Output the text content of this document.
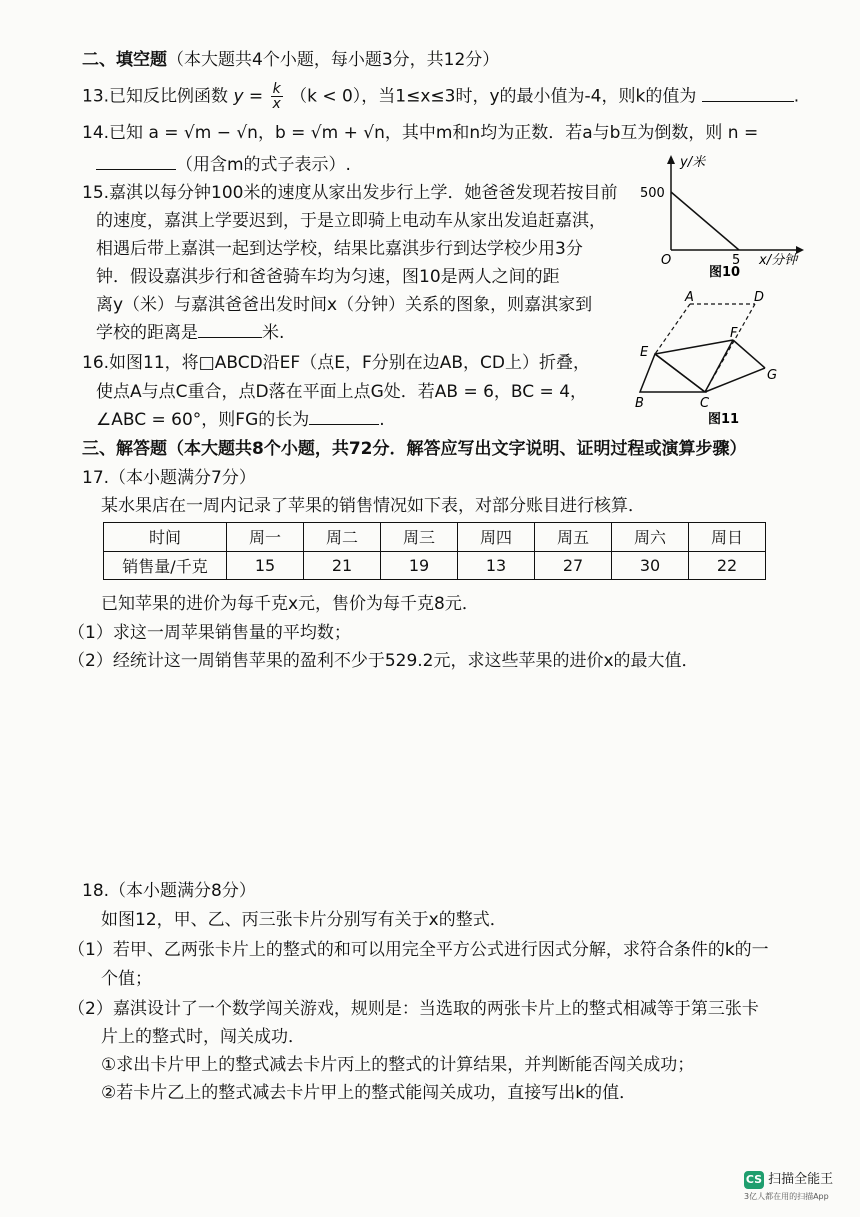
二、填空题（本大题共4个小题，每小题3分，共12分）
13.已知反比例函数 $y = \frac{k}{x} (k < 0)$，当1≤x≤3时，y的最小值为-4，则k的值为	.
14.已知 a = √m − √n，b = √m + √n，其中m和n均为正数．若a与b互为倒数，则 n =
（用含m的式子表示）.
15.嘉淇以每分钟100米的速度从家出发步行上学．她爸爸发现若按目前
的速度，嘉淇上学要迟到，于是立即骑上电动车从家出发追赶嘉淇，
相遇后带上嘉淇一起到达学校，结果比嘉淇步行到达学校少用3分
钟．假设嘉淇步行和爸爸骑车均为匀速，图10是两人之间的距
离y（米）与嘉淇爸爸出发时间x（分钟）关系的图象，则嘉淇家到
学校的距离是	米.
y/米
500
O	5 x/分钟
图10
16.如图11，将□ABCD沿EF（点E，F分别在边AB，CD上）折叠，
使点A与点C重合，点D落在平面上点G处．若AB = 6，BC = 4，
∠ABC = 60°，则FG的长为	.
A	D
E
F
G
B	C
图11
三、解答题（本大题共8个小题，共72分．解答应写出文字说明、证明过程或演算步骤）
17.（本小题满分7分）
某水果店在一周内记录了苹果的销售情况如下表，对部分账目进行核算．
时间	周一	周二	周三	周四	周五	周六	周日
销售量/千克	15	21	19	13	27	30	22
已知苹果的进价为每千克x元，售价为每千克8元．
（1）求这一周苹果销售量的平均数；
（2）经统计这一周销售苹果的盈利不少于529.2元，求这些苹果的进价x的最大值．
18.（本小题满分8分）
如图12，甲、乙、丙三张卡片分别写有关于x的整式．
（1）若甲、乙两张卡片上的整式的和可以用完全平方公式进行因式分解，求符合条件的k的一
个值；
（2）嘉淇设计了一个数学闯关游戏，规则是：当选取的两张卡片上的整式相减等于第三张卡
片上的整式时，闯关成功．
①求出卡片甲上的整式减去卡片丙上的整式的计算结果，并判断能否闯关成功；
②若卡片乙上的整式减去卡片甲上的整式能闯关成功，直接写出k的值．
CS 扫描全能王
3亿人都在用的扫描App
